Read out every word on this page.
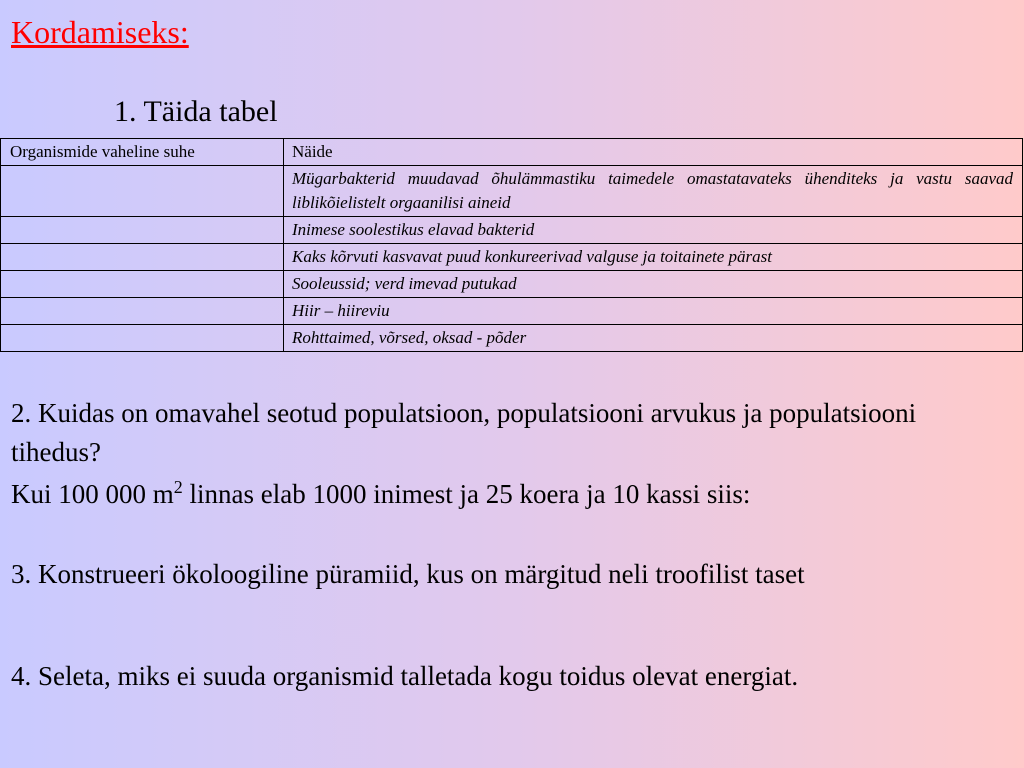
Kordamiseks:
1. Täida tabel
Organismide vaheline suhe	Näide
	Mügarbakterid muudavad õhulämmastiku taimedele omastatavateks ühenditeks ja vastu saavad liblikõielistelt orgaanilisi aineid
	Inimese soolestikus elavad bakterid
	Kaks kõrvuti kasvavat puud konkureerivad valguse ja toitainete pärast
	Sooleussid; verd imevad putukad
	Hiir – hiireviu
	Rohttaimed, võrsed, oksad - põder
2. Kuidas on omavahel seotud populatsioon, populatsiooni arvukus ja populatsiooni tihedus?
Kui 100 000 $m^2$ linnas elab 1000 inimest ja 25 koera ja 10 kassi siis:
3. Konstrueeri ökoloogiline püramiid, kus on märgitud neli troofilist taset
4. Seleta, miks ei suuda organismid talletada kogu toidus olevat energiat.
